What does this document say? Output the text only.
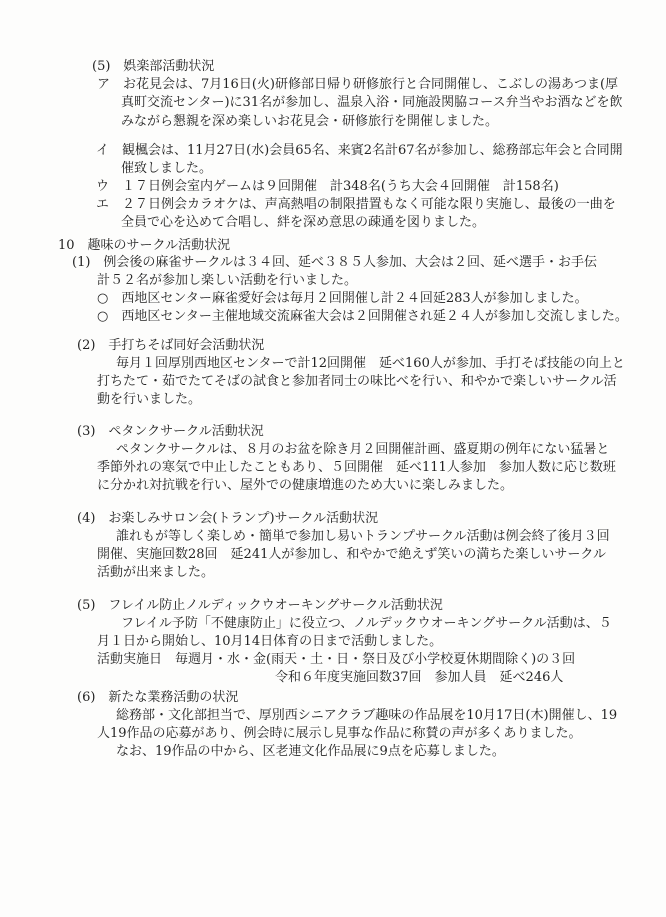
(5)　娯楽部活動状況
ア　お花見会は、7月16日(火)研修部日帰り研修旅行と合同開催し、こぶしの湯あつま(厚
真町交流センター)に31名が参加し、温泉入浴・同施設関脇コース弁当やお酒などを飲
みながら懇親を深め楽しいお花見会・研修旅行を開催しました。
イ　観楓会は、11月27日(水)会員65名、来賓2名計67名が参加し、総務部忘年会と合同開
催致しました。
ウ　１７日例会室内ゲームは９回開催　計348名(うち大会４回開催　計158名)
エ　２７日例会カラオケは、声高熱唱の制限措置もなく可能な限り実施し、最後の一曲を
全員で心を込めて合唱し、絆を深め意思の疎通を図りました。
10　趣味のサークル活動状況
(1)　例会後の麻雀サークルは３４回、延べ３８５人参加、大会は２回、延べ選手・お手伝
計５２名が参加し楽しい活動を行いました。
○　西地区センター麻雀愛好会は毎月２回開催し計２４回延283人が参加しました。
○　西地区センター主催地域交流麻雀大会は２回開催され延２４人が参加し交流しました。
(2)　手打ちそば同好会活動状況
毎月１回厚別西地区センターで計12回開催　延べ160人が参加、手打そば技能の向上と
打ちたて・茹でたてそばの試食と参加者同士の味比べを行い、和やかで楽しいサークル活
動を行いました。
(3)　ペタンクサークル活動状況
ペタンクサークルは、８月のお盆を除き月２回開催計画、盛夏期の例年にない猛暑と
季節外れの寒気で中止したこともあり、５回開催　延べ111人参加　参加人数に応じ数班
に分かれ対抗戦を行い、屋外での健康増進のため大いに楽しみました。
(4)　お楽しみサロン会(トランプ)サークル活動状況
誰れもが等しく楽しめ・簡単で参加し易いトランプサークル活動は例会終了後月３回
開催、実施回数28回　延241人が参加し、和やかで絶えず笑いの満ちた楽しいサークル
活動が出来ました。
(5)　フレイル防止ノルディックウオーキングサークル活動状況
フレイル予防「不健康防止」に役立つ、ノルデックウオーキングサークル活動は、５
月１日から開始し、10月14日体育の日まで活動しました。
活動実施日　毎週月・水・金(雨天・土・日・祭日及び小学校夏休期間除く)の３回
令和６年度実施回数37回　参加人員　延べ246人
(6)　新たな業務活動の状況
総務部・文化部担当で、厚別西シニアクラブ趣味の作品展を10月17日(木)開催し、19
人19作品の応募があり、例会時に展示し見事な作品に称賛の声が多くありました。
なお、19作品の中から、区老連文化作品展に9点を応募しました。
